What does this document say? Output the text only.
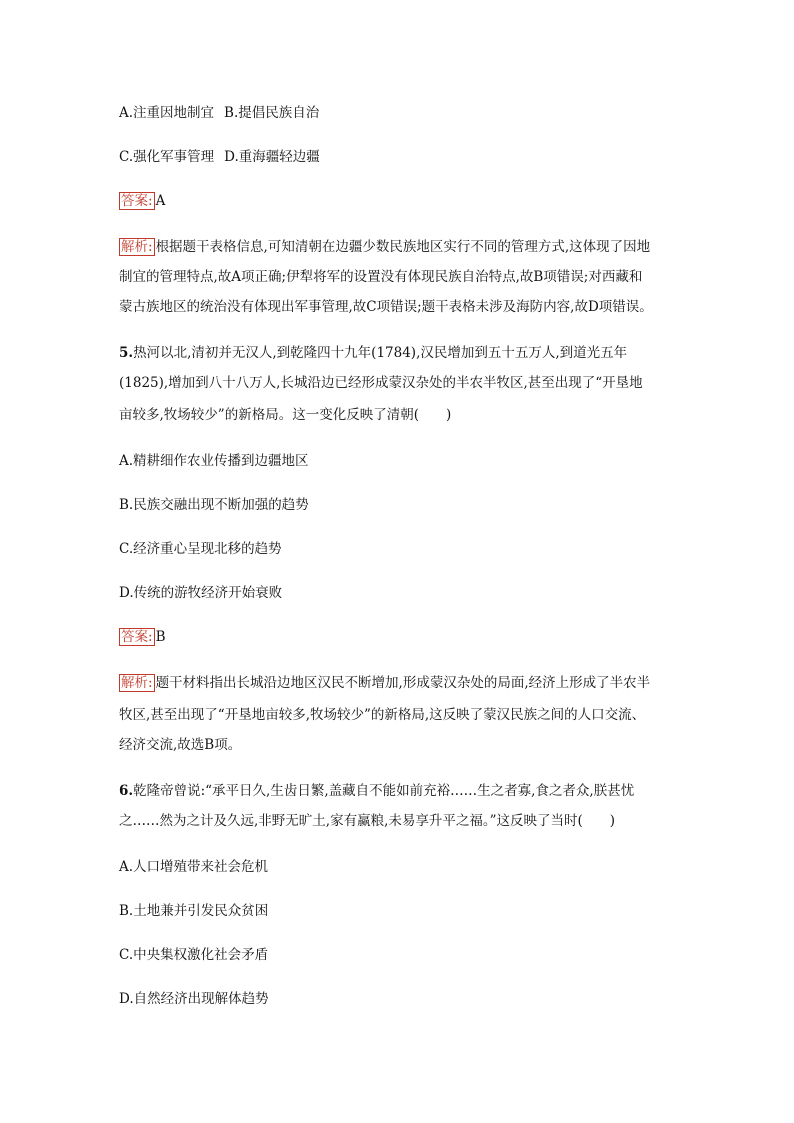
A.注重因地制宜 B.提倡民族自治
C.强化军事管理 D.重海疆轻边疆
答案: A
解析: 根据题干表格信息,可知清朝在边疆少数民族地区实行不同的管理方式,这体现了因地
制宜的管理特点,故A项正确;伊犁将军的设置没有体现民族自治特点,故B项错误;对西藏和
蒙古族地区的统治没有体现出军事管理,故C项错误;题干表格未涉及海防内容,故D项错误。
5.热河以北,清初并无汉人,到乾隆四十九年(1784),汉民增加到五十五万人,到道光五年
(1825),增加到八十八万人,长城沿边已经形成蒙汉杂处的半农半牧区,甚至出现了“开垦地
亩较多,牧场较少”的新格局。这一变化反映了清朝(　　)
A.精耕细作农业传播到边疆地区
B.民族交融出现不断加强的趋势
C.经济重心呈现北移的趋势
D.传统的游牧经济开始衰败
答案: B
解析: 题干材料指出长城沿边地区汉民不断增加,形成蒙汉杂处的局面,经济上形成了半农半
牧区,甚至出现了“开垦地亩较多,牧场较少”的新格局,这反映了蒙汉民族之间的人口交流、
经济交流,故选B项。
6.乾隆帝曾说:“承平日久,生齿日繁,盖藏自不能如前充裕……生之者寡,食之者众,朕甚忧
之……然为之计及久远,非野无旷土,家有赢粮,未易享升平之福。”这反映了当时(　　)
A.人口增殖带来社会危机
B.土地兼并引发民众贫困
C.中央集权激化社会矛盾
D.自然经济出现解体趋势
